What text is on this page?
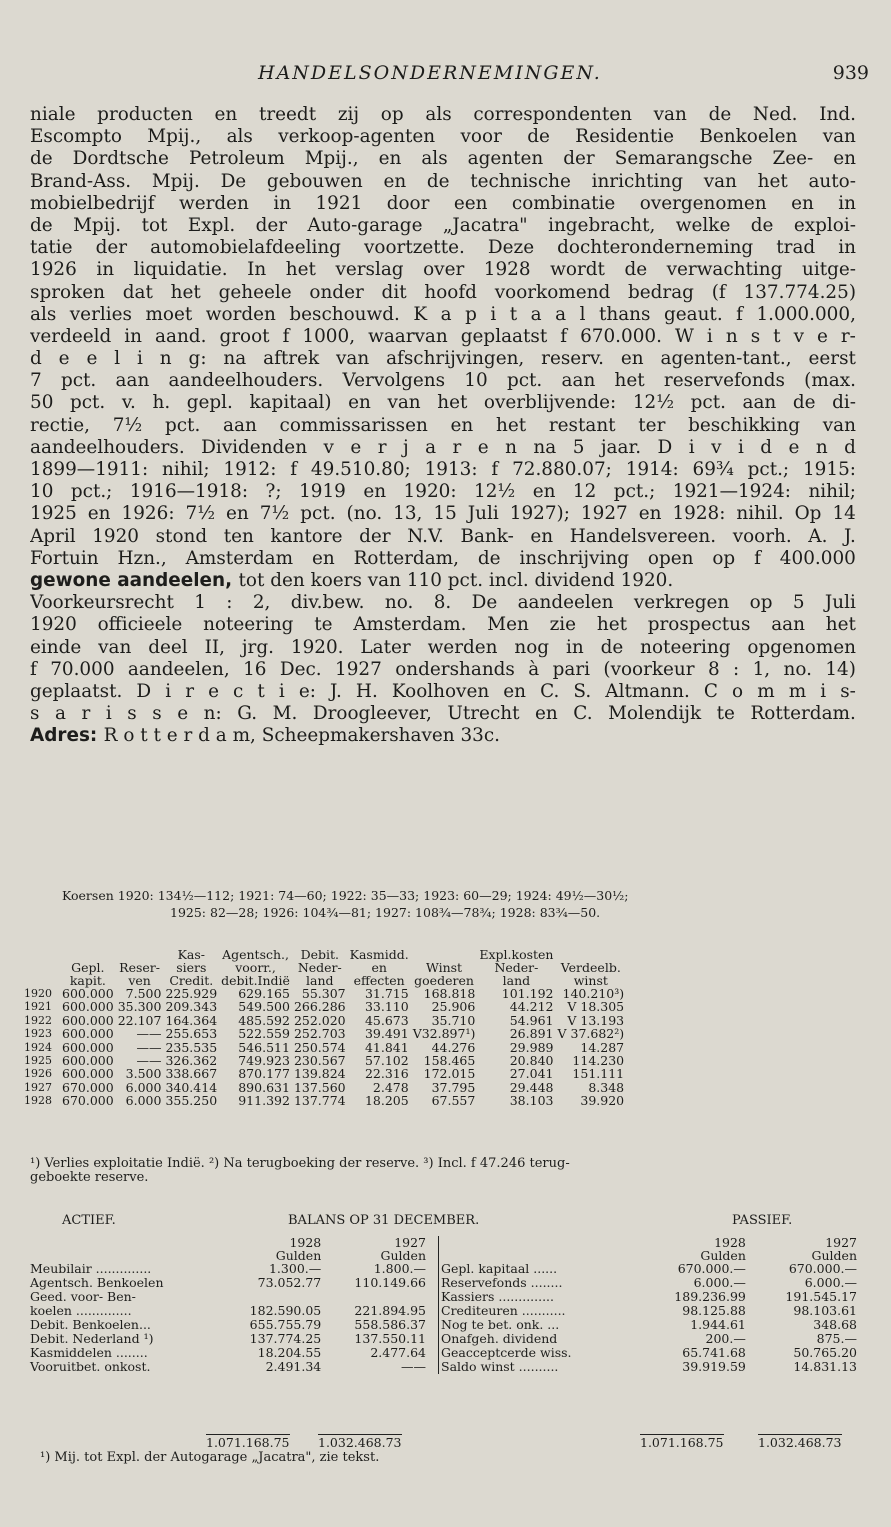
HANDELSONDERNEMINGEN.	939
niale producten en treedt zij op als correspondenten van de Ned. Ind.
Escompto Mpij., als verkoop-agenten voor de Residentie Benkoelen van
de Dordtsche Petroleum Mpij., en als agenten der Semarangsche Zee- en
Brand-Ass. Mpij. De gebouwen en de technische inrichting van het auto-
mobielbedrijf werden in 1921 door een combinatie overgenomen en in
de Mpij. tot Expl. der Auto-garage „Jacatra" ingebracht, welke de exploi-
tatie der automobielafdeeling voortzette. Deze dochteronderneming trad in
1926 in liquidatie. In het verslag over 1928 wordt de verwachting uitge-
sproken dat het geheele onder dit hoofd voorkomend bedrag (f 137.774.25)
als verlies moet worden beschouwd. K a p i t a a l thans geaut. f 1.000.000,
verdeeld in aand. groot f 1000, waarvan geplaatst f 670.000. W i n s t v e r-
d e e l i n g: na aftrek van afschrijvingen, reserv. en agenten-tant., eerst
7 pct. aan aandeelhouders. Vervolgens 10 pct. aan het reservefonds (max.
50 pct. v. h. gepl. kapitaal) en van het overblijvende: 12½ pct. aan de di-
rectie, 7½ pct. aan commissarissen en het restant ter beschikking van
aandeelhouders. Dividenden v e r j a r e n na 5 jaar. D i v i d e n d
1899—1911: nihil; 1912: f 49.510.80; 1913: f 72.880.07; 1914: 69¾ pct.; 1915:
10 pct.; 1916—1918: ?; 1919 en 1920: 12½ en 12 pct.; 1921—1924: nihil;
1925 en 1926: 7½ en 7½ pct. (no. 13, 15 Juli 1927); 1927 en 1928: nihil. Op 14
April 1920 stond ten kantore der N.V. Bank- en Handelsvereen. voorh. A. J.
Fortuin Hzn., Amsterdam en Rotterdam, de inschrijving open op f 400.000
gewone aandeelen, tot den koers van 110 pct. incl. dividend 1920.
Voorkeursrecht 1 : 2, div.bew. no. 8. De aandeelen verkregen op 5 Juli
1920 officieele noteering te Amsterdam. Men zie het prospectus aan het
einde van deel II, jrg. 1920. Later werden nog in de noteering opgenomen
f 70.000 aandeelen, 16 Dec. 1927 ondershands à pari (voorkeur 8 : 1, no. 14)
geplaatst. D i r e c t i e: J. H. Koolhoven en C. S. Altmann. C o m m i s-
s a r i s s e n: G. M. Droogleever, Utrecht en C. Molendijk te Rotterdam.
Adres: R o t t e r d a m, Scheepmakershaven 33c.
Koersen 1920: 134½—112; 1921: 74—60; 1922: 35—33; 1923: 60—29; 1924: 49½—30½;
1925: 82—28; 1926: 104¾—81; 1927: 108¾—78¾; 1928: 83¾—50.
			Kas-	Agentsch.,	Debit.	Kasmidd.		Expl.kosten	
	Gepl.	Reser-	siers	voorr.,	Neder-	en	Winst	Neder-	Verdeelb.
	kapit.	ven	Credit.	debit.Indië	land	effecten	goederen	land	winst
1920	600.000	7.500	225.929	629.165	55.307	31.715	168.818	101.192	140.210³)
1921	600.000	35.300	209.343	549.500	266.286	33.110	25.906	44.212	V 18.305
1922	600.000	22.107	164.364	485.592	252.020	45.673	35.710	54.961	V 13.193
1923	600.000	——	255.653	522.559	252.703	39.491	V32.897¹)	26.891	V 37.682²)
1924	600.000	——	235.535	546.511	250.574	41.841	44.276	29.989	14.287
1925	600.000	——	326.362	749.923	230.567	57.102	158.465	20.840	114.230
1926	600.000	3.500	338.667	870.177	139.824	22.316	172.015	27.041	151.111
1927	670.000	6.000	340.414	890.631	137.560	2.478	37.795	29.448	8.348
1928	670.000	6.000	355.250	911.392	137.774	18.205	67.557	38.103	39.920
¹) Verlies exploitatie Indië. ²) Na terugboeking der reserve. ³) Incl. f 47.246 terug-
geboekte reserve.
ACTIEF.	BALANS OP 31 DECEMBER.	PASSIEF.
	1928	1927
	Gulden	Gulden
Meubilair ..............	1.300.—	1.800.—
Agentsch. Benkoelen	73.052.77	110.149.66
Geed. voor- Ben-		
koelen ..............	182.590.05	221.894.95
Debit. Benkoelen...	655.755.79	558.586.37
Debit. Nederland ¹)	137.774.25	137.550.11
Kasmiddelen ........	18.204.55	2.477.64
Vooruitbet. onkost.	2.491.34	——
	1928	1927
	Gulden	Gulden
Gepl. kapitaal ......	670.000.—	670.000.—
Reservefonds ........	6.000.—	6.000.—
Kassiers ..............	189.236.99	191.545.17
Crediteuren ...........	98.125.88	98.103.61
Nog te bet. onk. ...	1.944.61	348.68
Onafgeh. dividend	200.—	875.—
Geacceptcerde wiss.	65.741.68	50.765.20
Saldo winst ..........	39.919.59	14.831.13
1.071.168.75 1.032.468.73	1.071.168.75	1.032.468.73
¹) Mij. tot Expl. der Autogarage „Jacatra", zie tekst.
